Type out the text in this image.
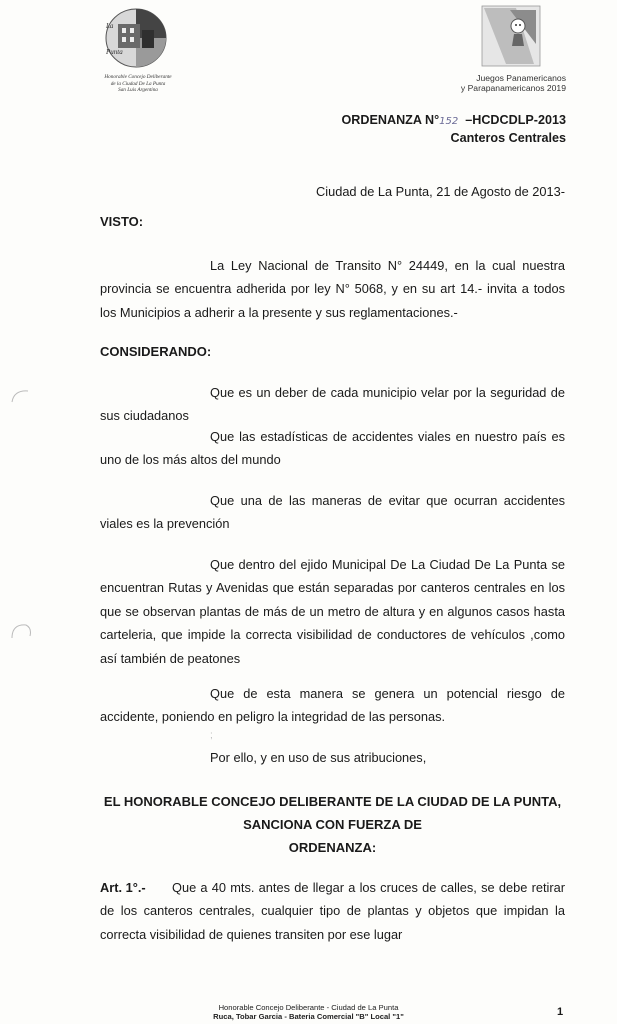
La
Punta
Honorable Concejo Deliberante
de la Ciudad De La Punta
San Luis Argentina
Juegos Panamericanos
y Parapanamericanos 2019
ORDENANZA N°152 –HCDCDLP-2013
Canteros Centrales
Ciudad de La Punta, 21 de Agosto de 2013-
VISTO:
La Ley Nacional de Transito N° 24449, en la cual nuestra provincia se encuentra adherida por ley N° 5068, y en su art 14.- invita a todos los Municipios a adherir a la presente y sus reglamentaciones.-
CONSIDERANDO:
Que es un deber de cada municipio velar por la seguridad de sus ciudadanos
Que las estadísticas de accidentes viales en nuestro país es uno de los más altos del mundo
Que una de las maneras de evitar que ocurran accidentes viales es la prevención
Que dentro del ejido Municipal De La Ciudad De La Punta se encuentran Rutas y Avenidas que están separadas por canteros centrales en los que se observan plantas de más de un metro de altura y en algunos casos hasta carteleria, que impide la correcta visibilidad de conductores de vehículos ,como así también de peatones
Que de esta manera se genera un potencial riesgo de accidente, poniendo en peligro la integridad de las personas.
;
Por ello, y en uso de sus atribuciones,
EL HONORABLE CONCEJO DELIBERANTE DE LA CIUDAD DE LA PUNTA,
SANCIONA CON FUERZA DE
ORDENANZA:
Art. 1°.- Que a 40 mts. antes de llegar a los cruces de calles, se debe retirar de los canteros centrales, cualquier tipo de plantas y objetos que impidan la correcta visibilidad de quienes transiten por ese lugar
Honorable Concejo Deliberante - Ciudad de La Punta
Ruca, Tobar Garcia - Bateria Comercial "B" Local "1"	1
